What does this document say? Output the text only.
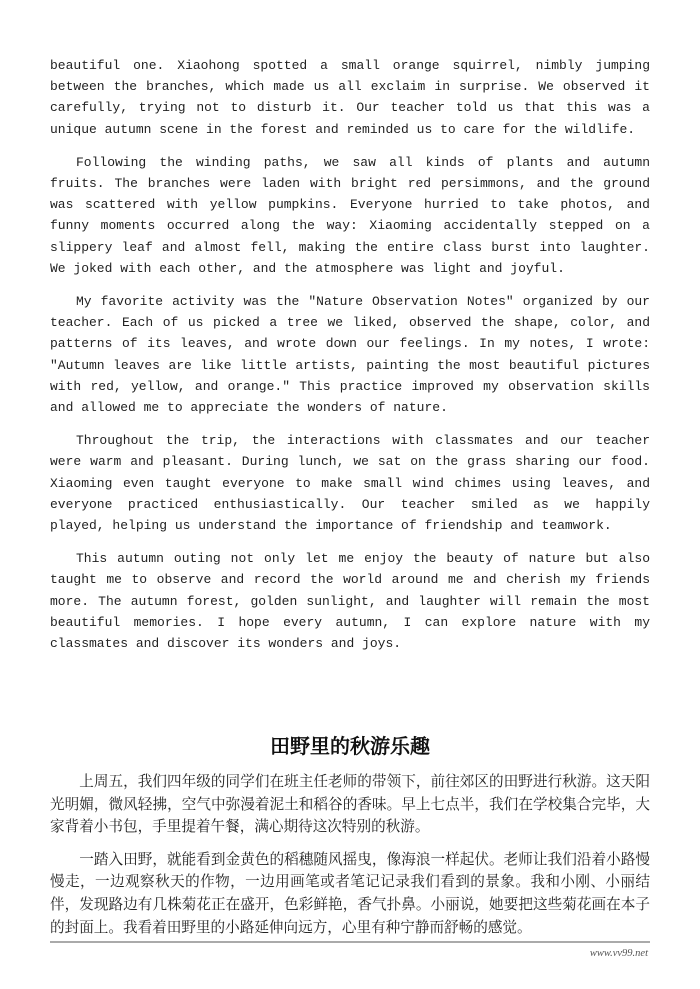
beautiful one. Xiaohong spotted a small orange squirrel, nimbly jumping between the branches, which made us all exclaim in surprise. We observed it carefully, trying not to disturb it. Our teacher told us that this was a unique autumn scene in the forest and reminded us to care for the wildlife.

Following the winding paths, we saw all kinds of plants and autumn fruits. The branches were laden with bright red persimmons, and the ground was scattered with yellow pumpkins. Everyone hurried to take photos, and funny moments occurred along the way: Xiaoming accidentally stepped on a slippery leaf and almost fell, making the entire class burst into laughter. We joked with each other, and the atmosphere was light and joyful.

My favorite activity was the "Nature Observation Notes" organized by our teacher. Each of us picked a tree we liked, observed the shape, color, and patterns of its leaves, and wrote down our feelings. In my notes, I wrote: "Autumn leaves are like little artists, painting the most beautiful pictures with red, yellow, and orange." This practice improved my observation skills and allowed me to appreciate the wonders of nature.

Throughout the trip, the interactions with classmates and our teacher were warm and pleasant. During lunch, we sat on the grass sharing our food. Xiaoming even taught everyone to make small wind chimes using leaves, and everyone practiced enthusiastically. Our teacher smiled as we happily played, helping us understand the importance of friendship and teamwork.

This autumn outing not only let me enjoy the beauty of nature but also taught me to observe and record the world around me and cherish my friends more. The autumn forest, golden sunlight, and laughter will remain the most beautiful memories. I hope every autumn, I can explore nature with my classmates and discover its wonders and joys.

田野里的秋游乐趣

上周五，我们四年级的同学们在班主任老师的带领下，前往郊区的田野进行秋游。这天阳光明媚，微风轻拂，空气中弥漫着泥土和稻谷的香味。早上七点半，我们在学校集合完毕，大家背着小书包，手里提着午餐，满心期待这次特别的秋游。

一踏入田野，就能看到金黄色的稻穗随风摇曳，像海浪一样起伏。老师让我们沿着小路慢慢走，一边观察秋天的作物，一边用画笔或者笔记记录我们看到的景象。我和小刚、小丽结伴，发现路边有几株菊花正在盛开，色彩鲜艳，香气扑鼻。小丽说，她要把这些菊花画在本子的封面上。我看着田野里的小路延伸向远方，心里有种宁静而舒畅的感觉。

www.vv99.net
